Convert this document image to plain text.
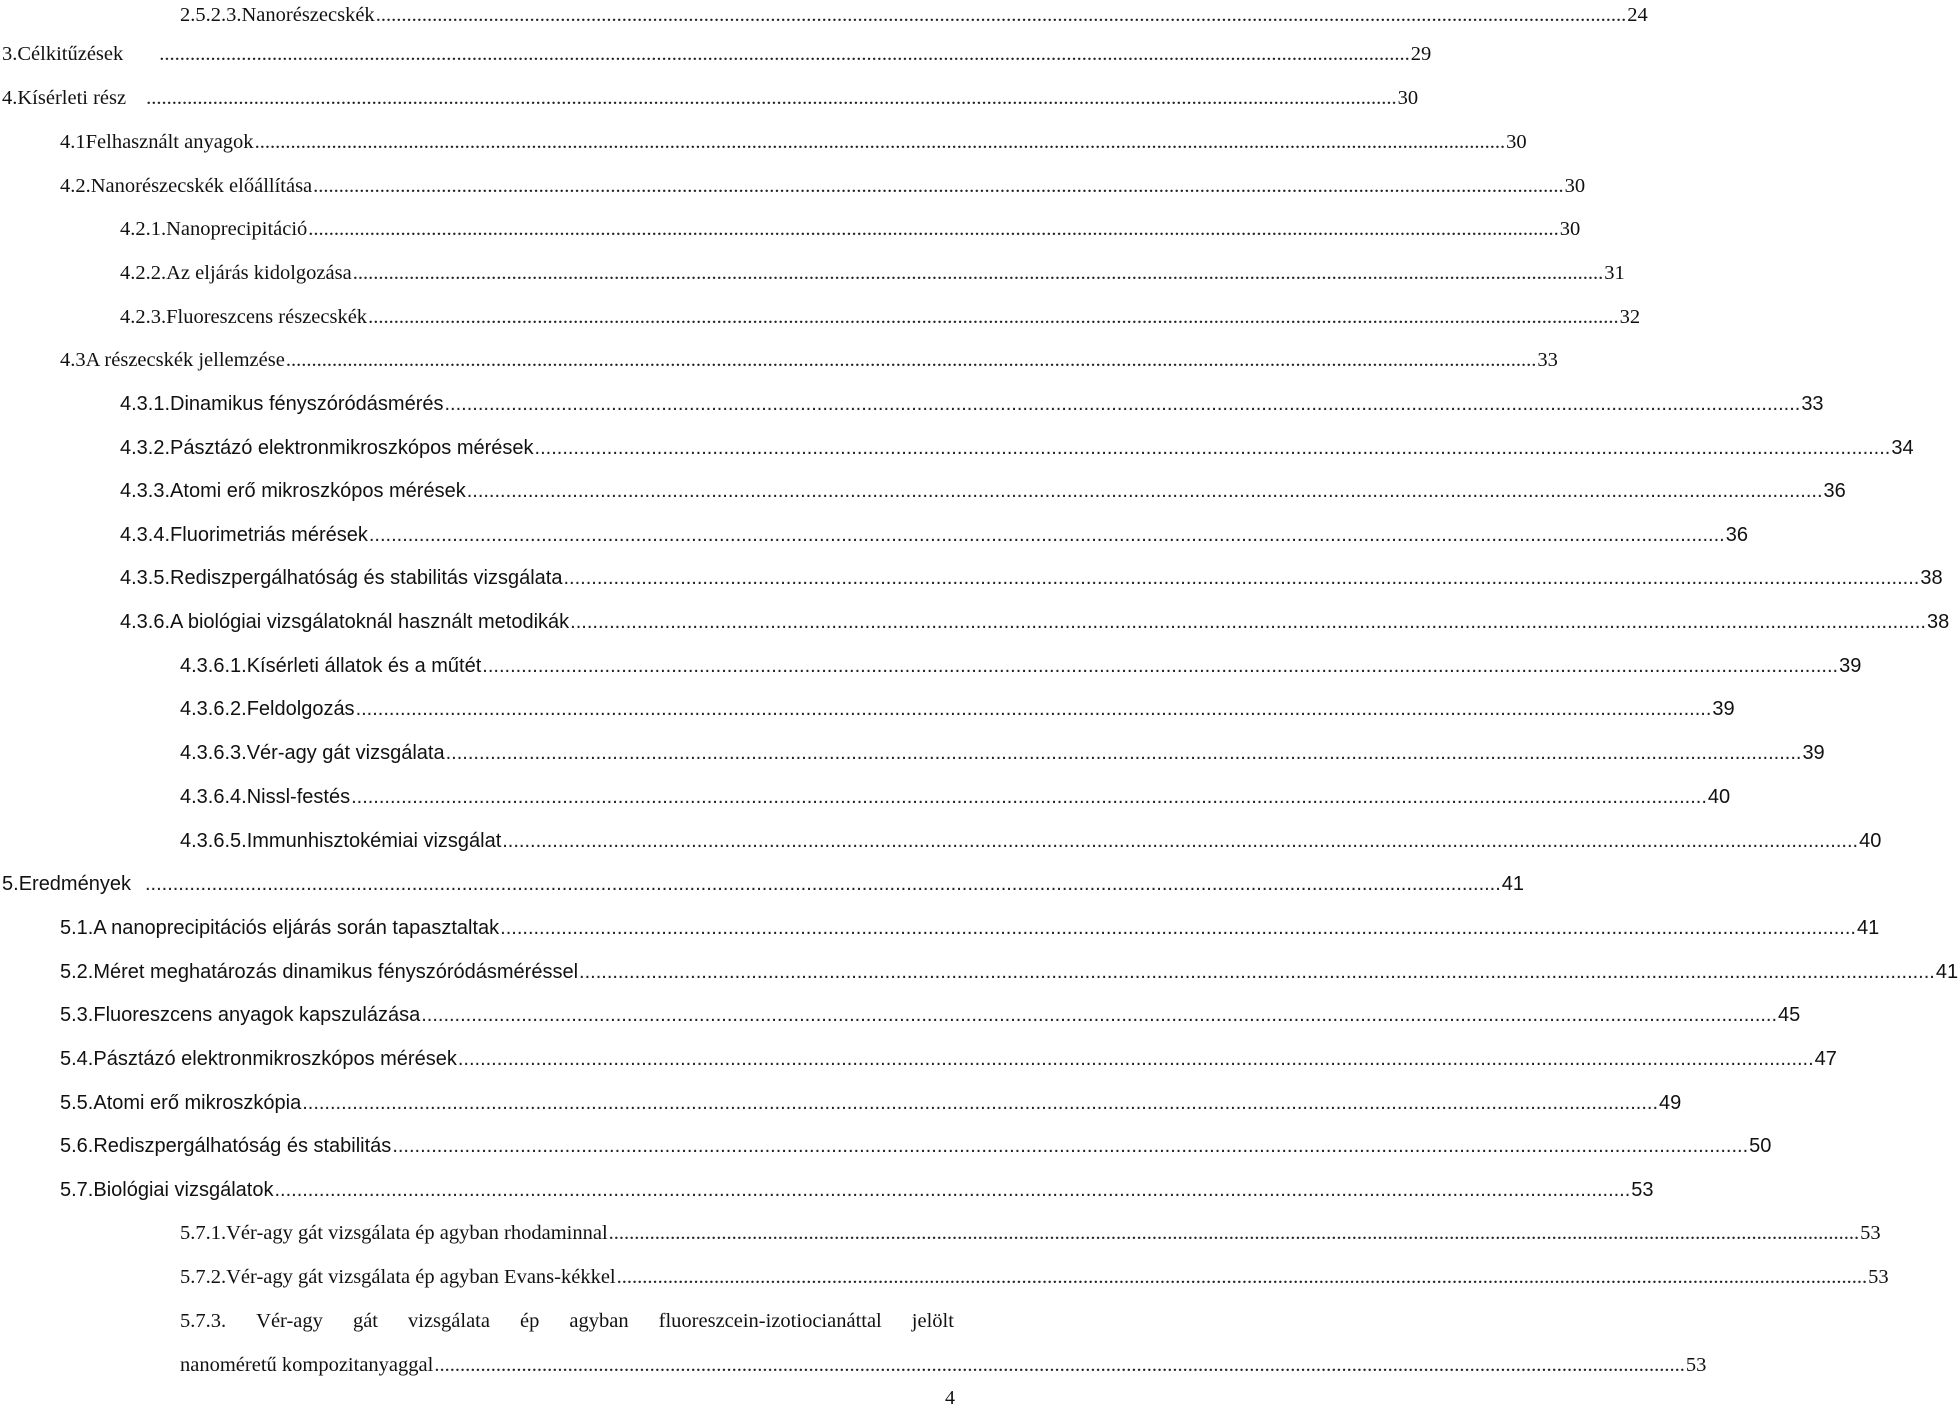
2.5.2.3. Nanorészecskék .....	24
3. Célkitűzések .....	29
4. Kísérleti rész .....	30
4.1 Felhasznált anyagok .....	30
4.2. Nanorészecskék előállítása .....	30
4.2.1. Nanoprecipitáció .....	30
4.2.2. Az eljárás kidolgozása .....	31
4.2.3. Fluoreszcens részecskék .....	32
4.3 A részecskék jellemzése .....	33
4.3.1. Dinamikus fényszóródásmérés .....	33
4.3.2. Pásztázó elektronmikroszkópos mérések .....	34
4.3.3. Atomi erő mikroszkópos mérések .....	36
4.3.4. Fluorimetriás mérések .....	36
4.3.5. Rediszpergálhatóság és stabilitás vizsgálata .....	38
4.3.6. A biológiai vizsgálatoknál használt metodikák .....	38
4.3.6.1. Kísérleti állatok és a műtét .....	39
4.3.6.2. Feldolgozás .....	39
4.3.6.3. Vér-agy gát vizsgálata .....	39
4.3.6.4. Nissl-festés .....	40
4.3.6.5. Immunhisztokémiai vizsgálat .....	40
5. Eredmények .....	41
5.1. A nanoprecipitációs eljárás során tapasztaltak .....	41
5.2. Méret meghatározás dinamikus fényszóródásméréssel .....	41
5.3. Fluoreszcens anyagok kapszulázása .....	45
5.4. Pásztázó elektronmikroszkópos mérések .....	47
5.5. Atomi erő mikroszkópia .....	49
5.6. Rediszpergálhatóság és stabilitás .....	50
5.7. Biológiai vizsgálatok .....	53
5.7.1. Vér-agy gát vizsgálata ép agyban rhodaminnal .....	53
5.7.2. Vér-agy gát vizsgálata ép agyban Evans-kékkel .....	53
5.7.3. Vér-agy gát vizsgálata ép agyban fluoreszcein-izotiocianáttal jelölt
nanoméretű kompozitanyaggal .....	53
4
